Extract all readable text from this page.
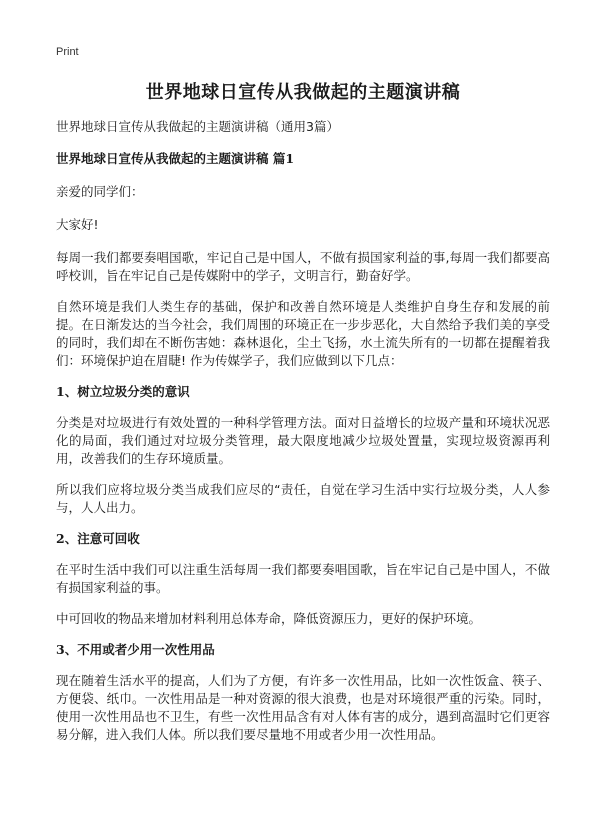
Print
世界地球日宣传从我做起的主题演讲稿
世界地球日宣传从我做起的主题演讲稿（通用3篇）
世界地球日宣传从我做起的主题演讲稿 篇1

亲爱的同学们：

大家好!

每周一我们都要奏唱国歌，牢记自己是中国人，不做有损国家利益的事,每周一我们都要高呼校训，旨在牢记自己是传媒附中的学子，文明言行，勤奋好学。

自然环境是我们人类生存的基础，保护和改善自然环境是人类维护自身生存和发展的前提。在日渐发达的当今社会，我们周围的环境正在一步步恶化，大自然给予我们美的享受的同时，我们却在不断伤害她：森林退化，尘土飞扬，水土流失所有的一切都在提醒着我们：环境保护迫在眉睫! 作为传媒学子，我们应做到以下几点：

1、树立垃圾分类的意识

分类是对垃圾进行有效处置的一种科学管理方法。面对日益增长的垃圾产量和环境状况恶化的局面，我们通过对垃圾分类管理，最大限度地减少垃圾处置量，实现垃圾资源再利用，改善我们的生存环境质量。

所以我们应将垃圾分类当成我们应尽的“责任，自觉在学习生活中实行垃圾分类，人人参与，人人出力。

2、注意可回收

在平时生活中我们可以注重生活每周一我们都要奏唱国歌，旨在牢记自己是中国人，不做有损国家利益的事。

中可回收的物品来增加材料利用总体寿命，降低资源压力，更好的保护环境。

3、不用或者少用一次性用品

现在随着生活水平的提高，人们为了方便，有许多一次性用品，比如一次性饭盒、筷子、方便袋、纸巾。一次性用品是一种对资源的很大浪费，也是对环境很严重的污染。同时，使用一次性用品也不卫生，有些一次性用品含有对人体有害的成分，遇到高温时它们更容易分解，进入我们人体。所以我们要尽量地不用或者少用一次性用品。
